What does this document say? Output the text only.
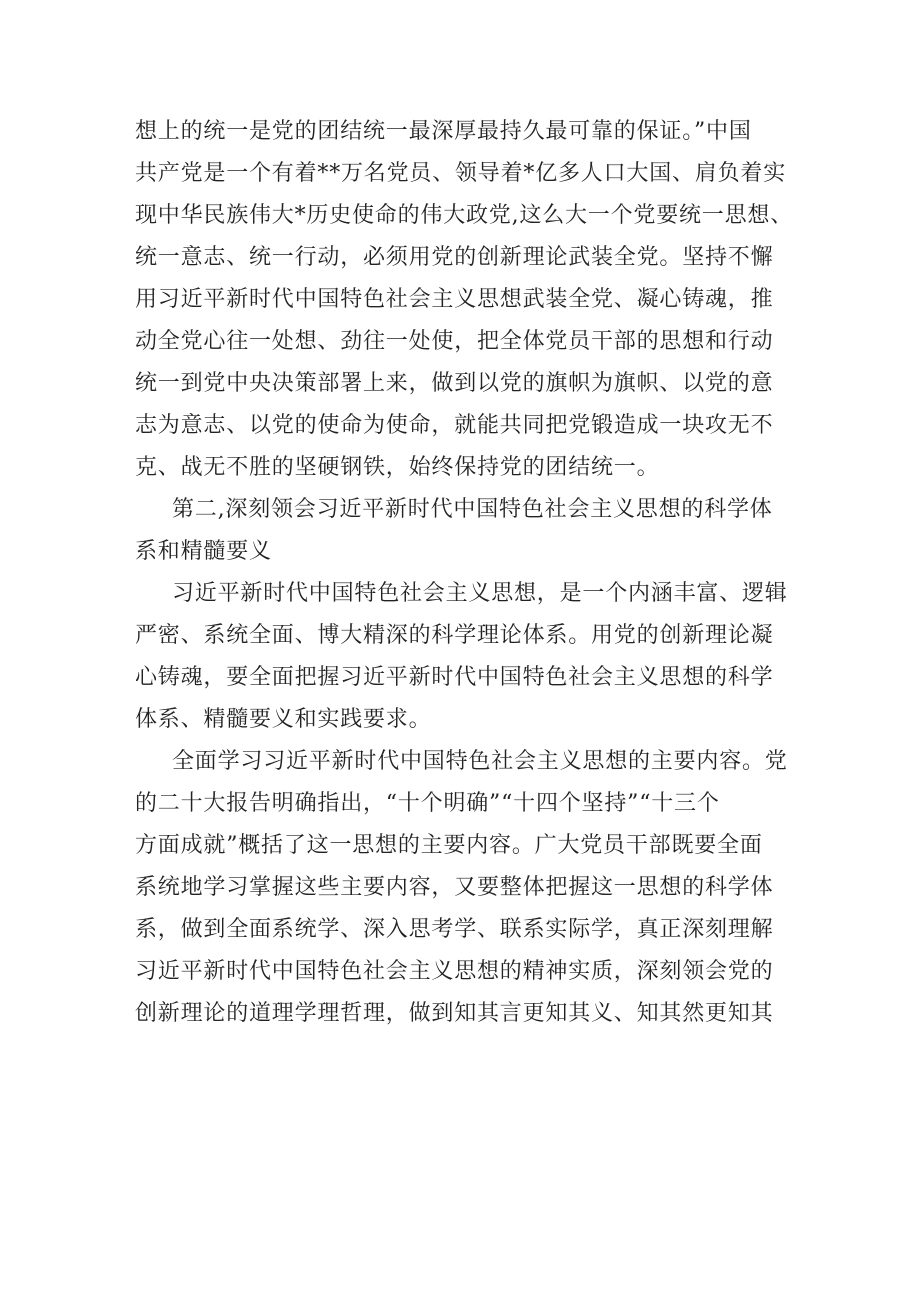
想上的统一是党的团结统一最深厚最持久最可靠的保证。”中国
共产党是一个有着**万名党员、领导着*亿多人口大国、肩负着实
现中华民族伟大*历史使命的伟大政党,这么大一个党要统一思想、
统一意志、统一行动，必须用党的创新理论武装全党。坚持不懈
用习近平新时代中国特色社会主义思想武装全党、凝心铸魂，推
动全党心往一处想、劲往一处使，把全体党员干部的思想和行动
统一到党中央决策部署上来，做到以党的旗帜为旗帜、以党的意
志为意志、以党的使命为使命，就能共同把党锻造成一块攻无不
克、战无不胜的坚硬钢铁，始终保持党的团结统一。
第二,深刻领会习近平新时代中国特色社会主义思想的科学体
系和精髓要义
习近平新时代中国特色社会主义思想，是一个内涵丰富、逻辑
严密、系统全面、博大精深的科学理论体系。用党的创新理论凝
心铸魂，要全面把握习近平新时代中国特色社会主义思想的科学
体系、精髓要义和实践要求。
全面学习习近平新时代中国特色社会主义思想的主要内容。党
的二十大报告明确指出，“十个明确”“十四个坚持”“十三个
方面成就”概括了这一思想的主要内容。广大党员干部既要全面
系统地学习掌握这些主要内容，又要整体把握这一思想的科学体
系，做到全面系统学、深入思考学、联系实际学，真正深刻理解
习近平新时代中国特色社会主义思想的精神实质，深刻领会党的
创新理论的道理学理哲理，做到知其言更知其义、知其然更知其
